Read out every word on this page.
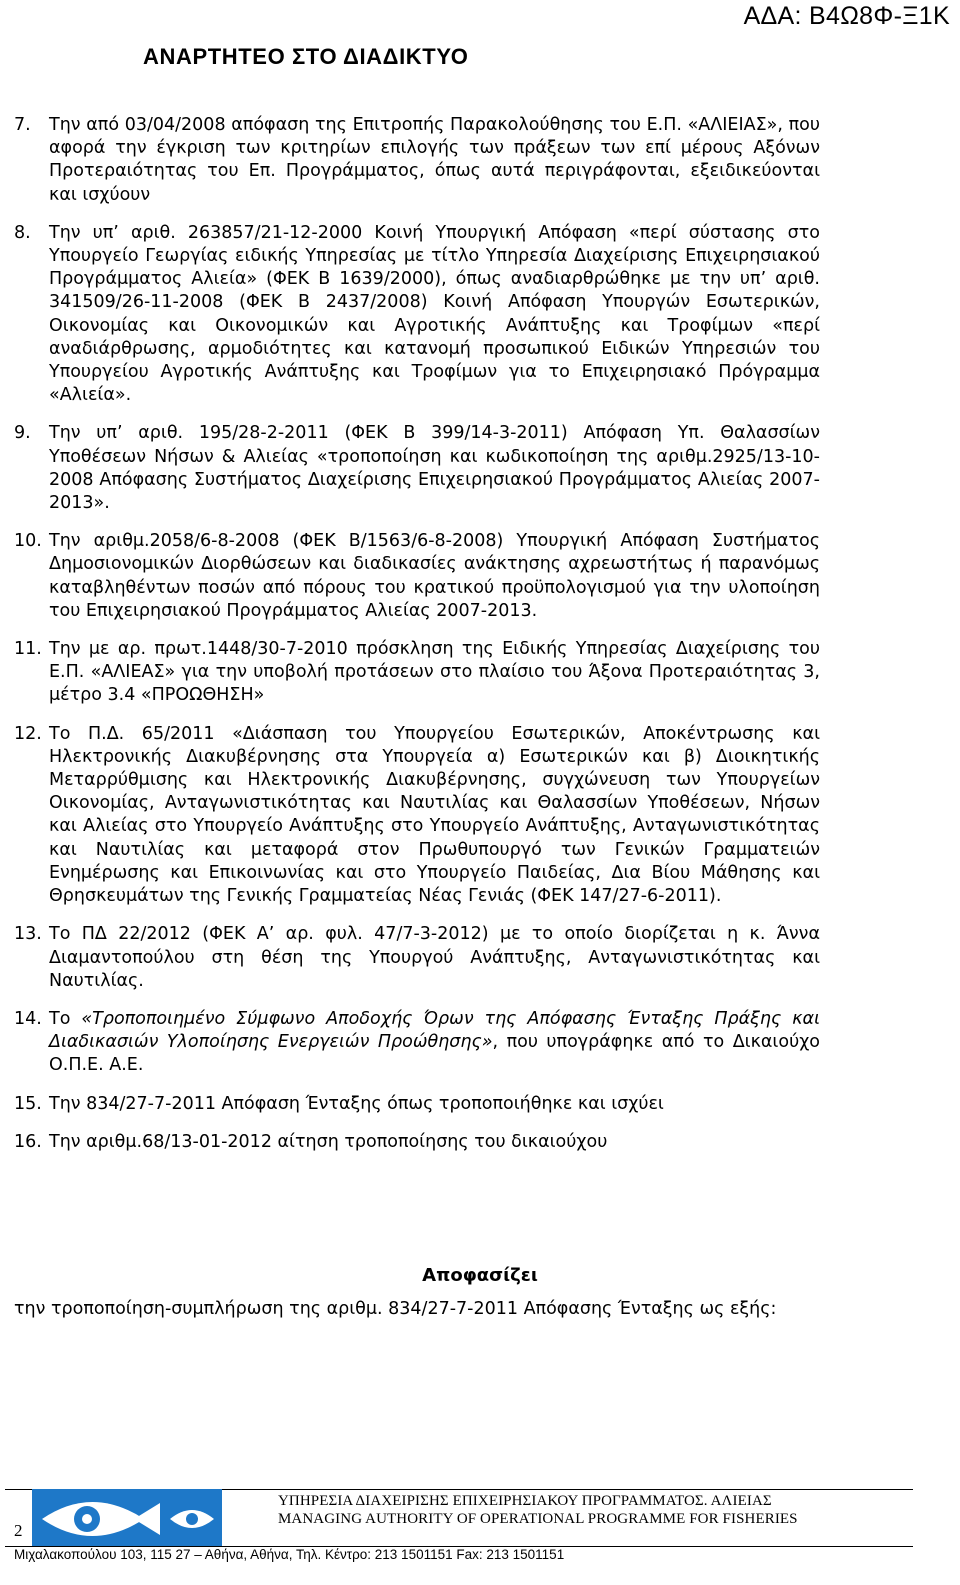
ΑΔΑ: Β4Ω8Φ-Ξ1Κ
ΑΝΑΡΤΗΤΕΟ ΣΤΟ ΔΙΑΔΙΚΤΥΟ
7.	Την από 03/04/2008 απόφαση της Επιτροπής Παρακολούθησης του Ε.Π. «ΑΛΙΕΙΑΣ», που αφορά την έγκριση των κριτηρίων επιλογής των πράξεων των επί μέρους Αξόνων Προτεραιότητας του Επ. Προγράμματος, όπως αυτά περιγράφονται, εξειδικεύονται και ισχύουν
8.	Την υπ’ αριθ. 263857/21-12-2000 Κοινή Υπουργική Απόφαση «περί σύστασης στο Υπουργείο Γεωργίας ειδικής Υπηρεσίας με τίτλο Υπηρεσία Διαχείρισης Επιχειρησιακού Προγράμματος Αλιεία» (ΦΕΚ Β 1639/2000), όπως αναδιαρθρώθηκε με την υπ’ αριθ. 341509/26-11-2008 (ΦΕΚ Β 2437/2008) Κοινή Απόφαση Υπουργών Εσωτερικών, Οικονομίας και Οικονομικών και Αγροτικής Ανάπτυξης και Τροφίμων «περί αναδιάρθρωσης, αρμοδιότητες και κατανομή προσωπικού Ειδικών Υπηρεσιών του Υπουργείου Αγροτικής Ανάπτυξης και Τροφίμων για το Επιχειρησιακό Πρόγραμμα «Αλιεία».
9.	Την υπ’ αριθ. 195/28-2-2011 (ΦΕΚ Β 399/14-3-2011) Απόφαση Υπ. Θαλασσίων Υποθέσεων Νήσων & Αλιείας «τροποποίηση και κωδικοποίηση της αριθμ.2925/13-10-2008 Απόφασης Συστήματος Διαχείρισης Επιχειρησιακού Προγράμματος Αλιείας 2007-2013».
10. Την αριθμ.2058/6-8-2008 (ΦΕΚ Β/1563/6-8-2008) Υπουργική Απόφαση Συστήματος Δημοσιονομικών Διορθώσεων και διαδικασίες ανάκτησης αχρεωστήτως ή παρανόμως καταβληθέντων ποσών από πόρους του κρατικού προϋπολογισμού για την υλοποίηση του Επιχειρησιακού Προγράμματος Αλιείας 2007-2013.
11. Την με αρ. πρωτ.1448/30-7-2010 πρόσκληση της Ειδικής Υπηρεσίας Διαχείρισης του Ε.Π. «ΑΛΙΕΑΣ» για την υποβολή προτάσεων στο πλαίσιο του Άξονα Προτεραιότητας 3, μέτρο 3.4 «ΠΡΟΩΘΗΣΗ»
12. Το Π.Δ. 65/2011 «Διάσπαση του Υπουργείου Εσωτερικών, Αποκέντρωσης και Ηλεκτρονικής Διακυβέρνησης στα Υπουργεία α) Εσωτερικών και β) Διοικητικής Μεταρρύθμισης και Ηλεκτρονικής Διακυβέρνησης, συγχώνευση των Υπουργείων Οικονομίας, Ανταγωνιστικότητας και Ναυτιλίας και Θαλασσίων Υποθέσεων, Νήσων και Αλιείας στο Υπουργείο Ανάπτυξης στο Υπουργείο Ανάπτυξης, Ανταγωνιστικότητας και Ναυτιλίας και μεταφορά στον Πρωθυπουργό των Γενικών Γραμματειών Ενημέρωσης και Επικοινωνίας και στο Υπουργείο Παιδείας, Δια Βίου Μάθησης και Θρησκευμάτων της Γενικής Γραμματείας Νέας Γενιάς (ΦΕΚ 147/27-6-2011).
13. Το ΠΔ 22/2012 (ΦΕΚ Α’ αρ. φυλ. 47/7-3-2012) με το οποίο διορίζεται η κ. Άννα Διαμαντοπούλου στη θέση της Υπουργού Ανάπτυξης, Ανταγωνιστικότητας και Ναυτιλίας.
14. Το «Τροποποιημένο Σύμφωνο Αποδοχής Όρων της Απόφασης Ένταξης Πράξης και Διαδικασιών Υλοποίησης Ενεργειών Προώθησης», που υπογράφηκε από το Δικαιούχο Ο.Π.Ε. Α.Ε.
15. Την 834/27-7-2011 Απόφαση Ένταξης όπως τροποποιήθηκε και ισχύει
16. Την αριθμ.68/13-01-2012 αίτηση τροποποίησης του δικαιούχου
Αποφασίζει
την τροποποίηση-συμπλήρωση της αριθμ. 834/27-7-2011 Απόφασης Ένταξης ως εξής:
2
ΥΠΗΡΕΣΙΑ ΔΙΑΧΕΙΡΙΣΗΣ ΕΠΙΧΕΙΡΗΣΙΑΚΟΥ ΠΡΟΓΡΑΜΜΑΤΟΣ. ΑΛΙΕΙΑΣ
MANAGING AUTHORITY OF OPERATIONAL PROGRAMME FOR FISHERIES
Μιχαλακοπούλου 103, 115 27 – Αθήνα, Αθήνα, Τηλ. Κέντρο: 213 1501151 Fax: 213 1501151
